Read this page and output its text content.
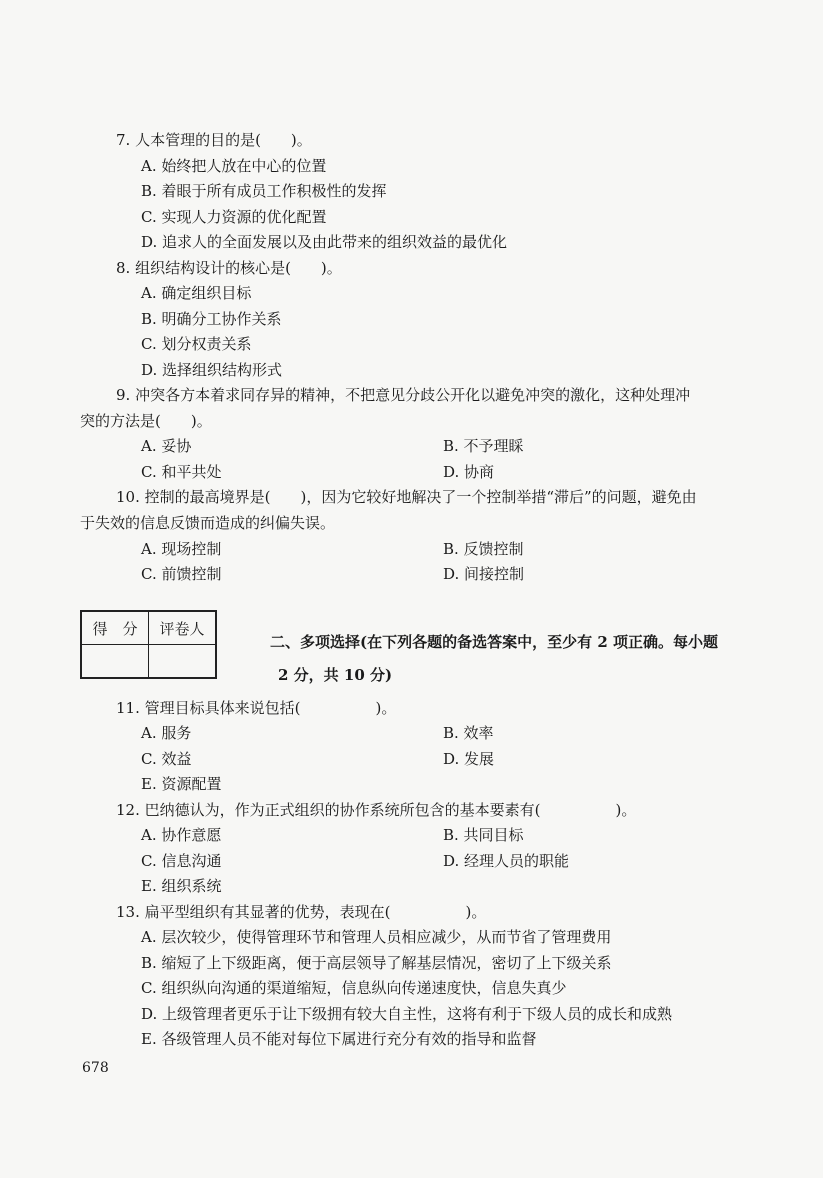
7. 人本管理的目的是(　　)。
A. 始终把人放在中心的位置
B. 着眼于所有成员工作积极性的发挥
C. 实现人力资源的优化配置
D. 追求人的全面发展以及由此带来的组织效益的最优化
8. 组织结构设计的核心是(　　)。
A. 确定组织目标
B. 明确分工协作关系
C. 划分权责关系
D. 选择组织结构形式
9. 冲突各方本着求同存异的精神，不把意见分歧公开化以避免冲突的激化，这种处理冲
突的方法是(　　)。
A. 妥协	B. 不予理睬
C. 和平共处	D. 协商
10. 控制的最高境界是(　　)，因为它较好地解决了一个控制举措“滞后”的问题，避免由
于失效的信息反馈而造成的纠偏失误。
A. 现场控制	B. 反馈控制
C. 前馈控制	D. 间接控制
得　分	评卷人

二、多项选择(在下列各题的备选答案中，至少有 2 项正确。每小题
2 分，共 10 分)
11. 管理目标具体来说包括(　　　　　)。
A. 服务	B. 效率
C. 效益	D. 发展
E. 资源配置
12. 巴纳德认为，作为正式组织的协作系统所包含的基本要素有(　　　　　)。
A. 协作意愿	B. 共同目标
C. 信息沟通	D. 经理人员的职能
E. 组织系统
13. 扁平型组织有其显著的优势，表现在(　　　　　)。
A. 层次较少，使得管理环节和管理人员相应减少，从而节省了管理费用
B. 缩短了上下级距离，便于高层领导了解基层情况，密切了上下级关系
C. 组织纵向沟通的渠道缩短，信息纵向传递速度快，信息失真少
D. 上级管理者更乐于让下级拥有较大自主性，这将有利于下级人员的成长和成熟
E. 各级管理人员不能对每位下属进行充分有效的指导和监督
678
